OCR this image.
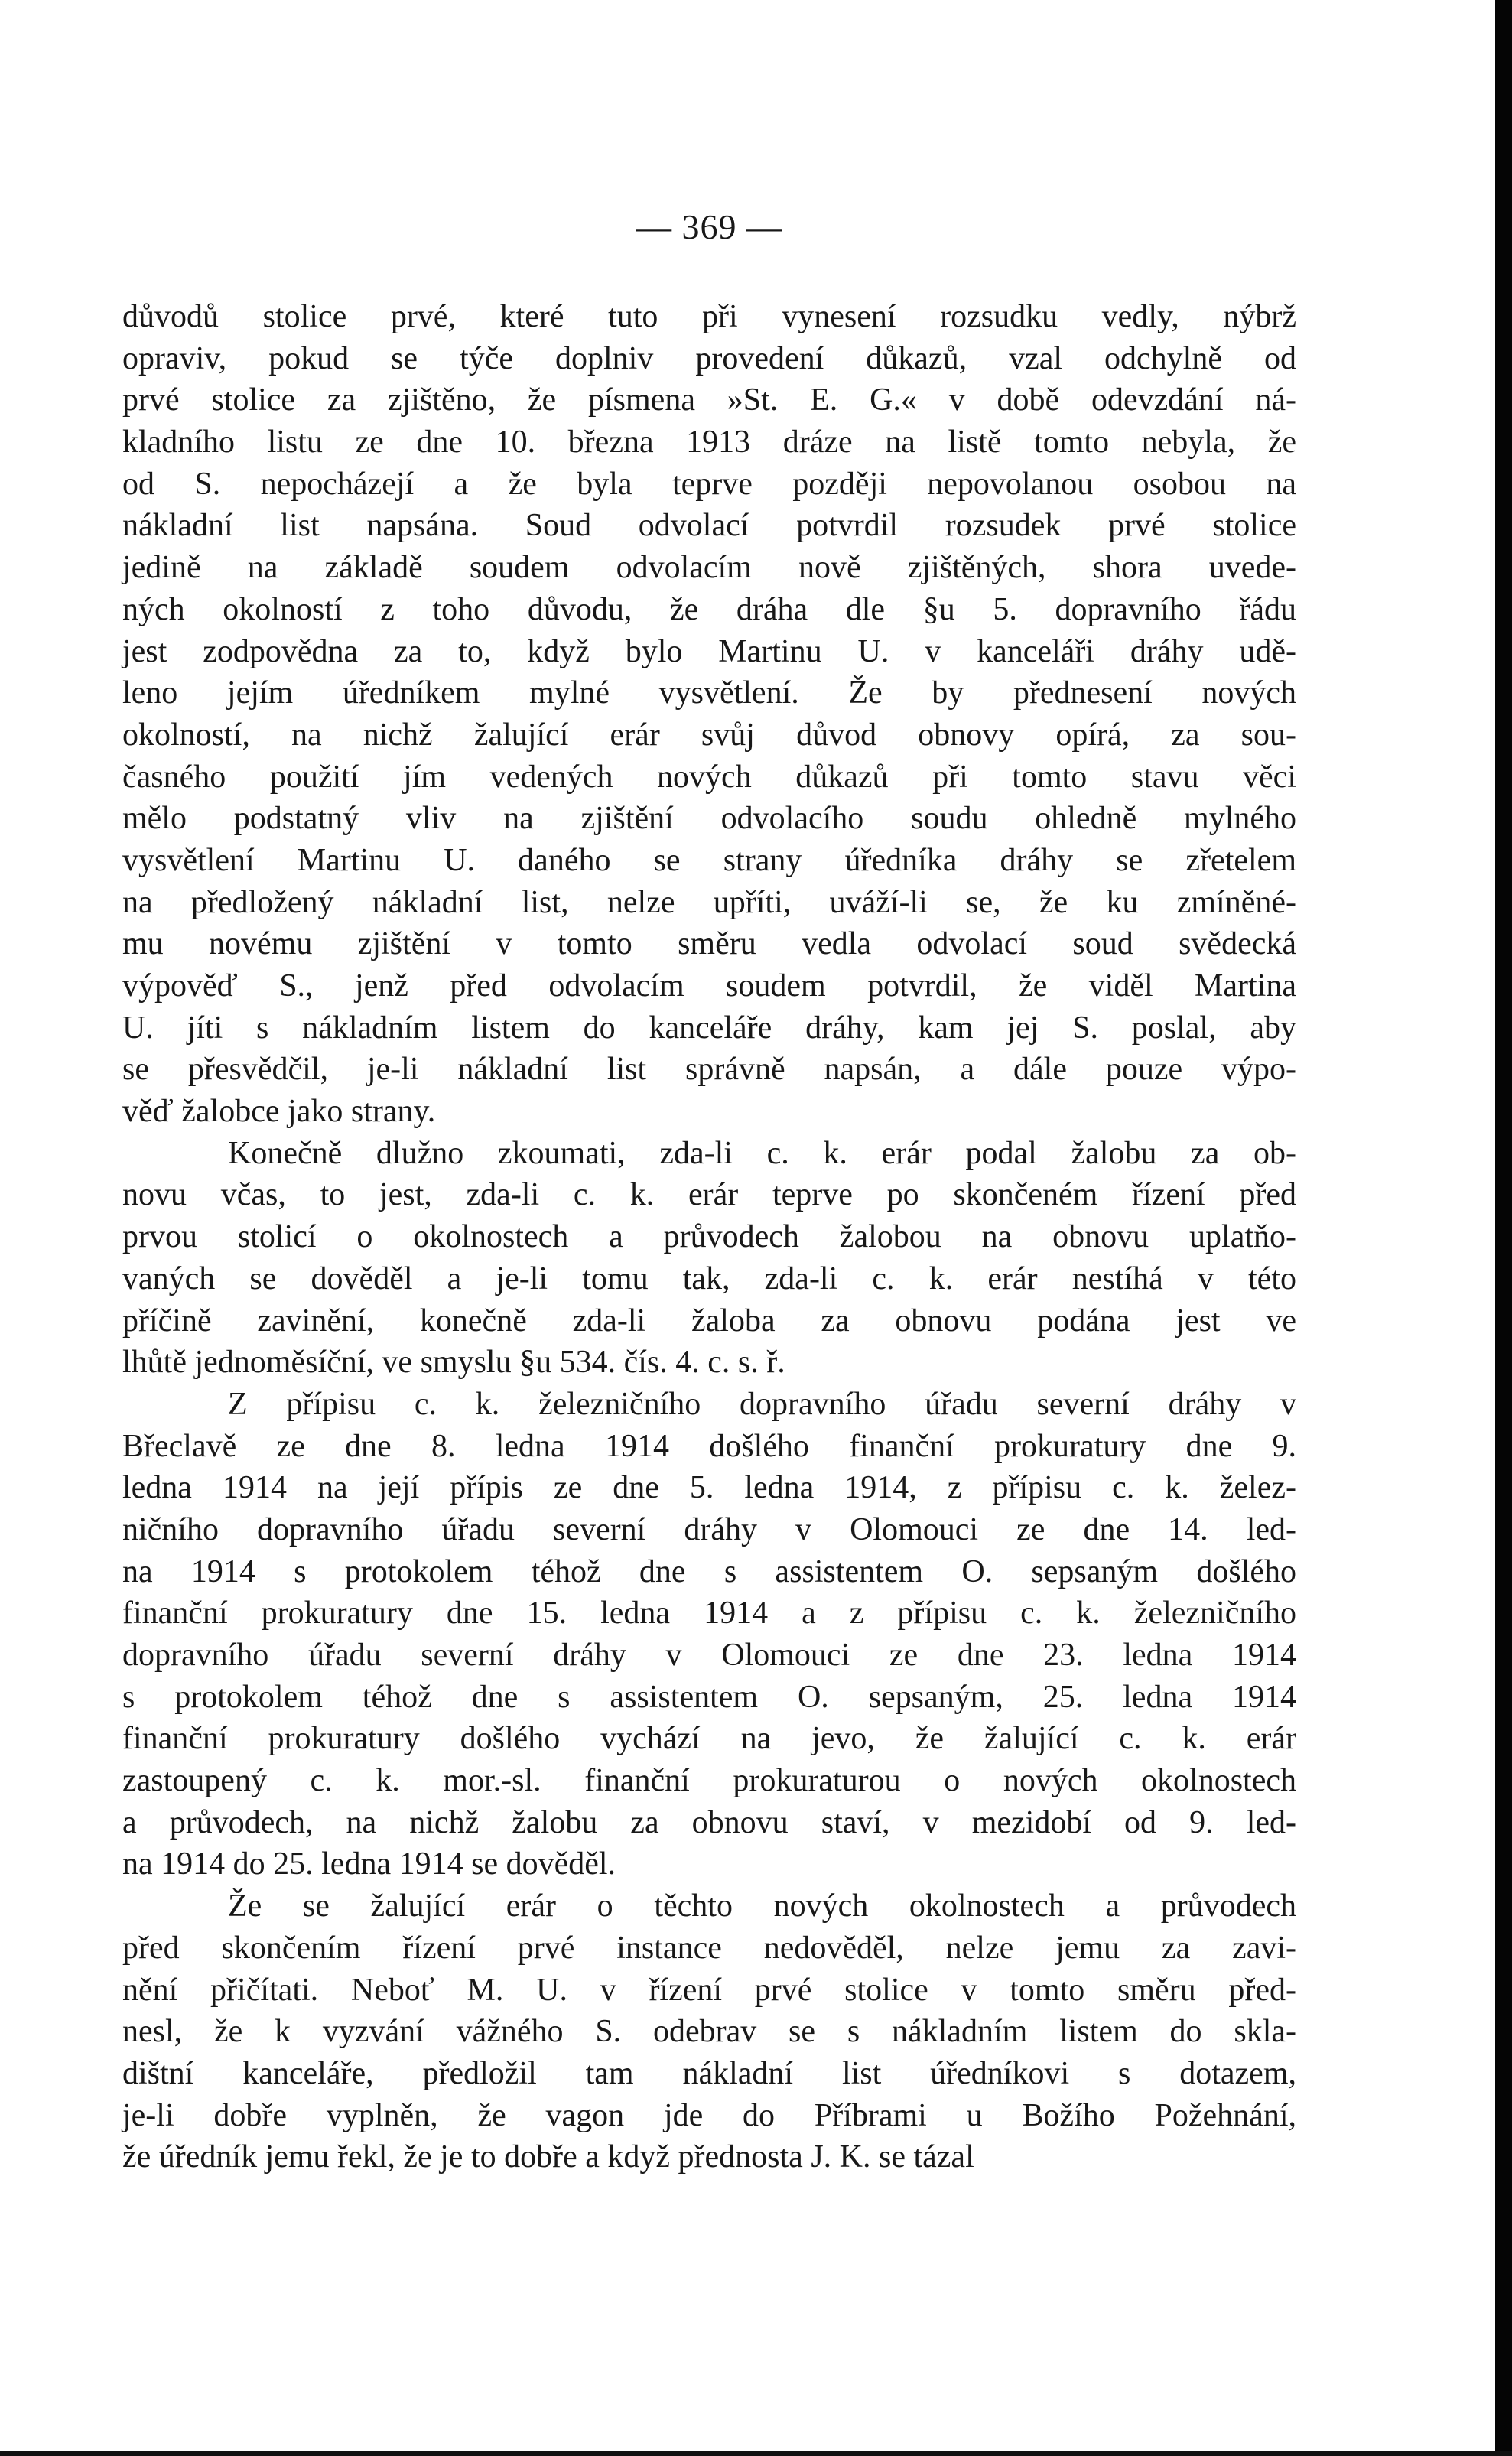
— 369 —
důvodů stolice prvé, které tuto při vynesení rozsudku vedly, nýbrž
opraviv, pokud se týče doplniv provedení důkazů, vzal odchylně od
prvé stolice za zjištěno, že písmena »St. E. G.« v době odevzdání ná-
kladního listu ze dne 10. března 1913 dráze na listě tomto nebyla, že
od S. nepocházejí a že byla teprve později nepovolanou osobou na
nákladní list napsána. Soud odvolací potvrdil rozsudek prvé stolice
jedině na základě soudem odvolacím nově zjištěných, shora uvede-
ných okolností z toho důvodu, že dráha dle §u 5. dopravního řádu
jest zodpovědna za to, když bylo Martinu U. v kanceláři dráhy udě-
leno jejím úředníkem mylné vysvětlení. Že by přednesení nových
okolností, na nichž žalující erár svůj důvod obnovy opírá, za sou-
časného použití jím vedených nových důkazů při tomto stavu věci
mělo podstatný vliv na zjištění odvolacího soudu ohledně mylného
vysvětlení Martinu U. daného se strany úředníka dráhy se zřetelem
na předložený nákladní list, nelze upříti, uváží-li se, že ku zmíněné-
mu novému zjištění v tomto směru vedla odvolací soud svědecká
výpověď S., jenž před odvolacím soudem potvrdil, že viděl Martina
U. jíti s nákladním listem do kanceláře dráhy, kam jej S. poslal, aby
se přesvědčil, je-li nákladní list správně napsán, a dále pouze výpo-
věď žalobce jako strany.
Konečně dlužno zkoumati, zda-li c. k. erár podal žalobu za ob-
novu včas, to jest, zda-li c. k. erár teprve po skončeném řízení před
prvou stolicí o okolnostech a průvodech žalobou na obnovu uplatňo-
vaných se dověděl a je-li tomu tak, zda-li c. k. erár nestíhá v této
příčině zavinění, konečně zda-li žaloba za obnovu podána jest ve
lhůtě jednoměsíční, ve smyslu §u 534. čís. 4. c. s. ř.
Z přípisu c. k. železničního dopravního úřadu severní dráhy v
Břeclavě ze dne 8. ledna 1914 došlého finanční prokuratury dne 9.
ledna 1914 na její přípis ze dne 5. ledna 1914, z přípisu c. k. želez-
ničního dopravního úřadu severní dráhy v Olomouci ze dne 14. led-
na 1914 s protokolem téhož dne s assistentem O. sepsaným došlého
finanční prokuratury dne 15. ledna 1914 a z přípisu c. k. železničního
dopravního úřadu severní dráhy v Olomouci ze dne 23. ledna 1914
s protokolem téhož dne s assistentem O. sepsaným, 25. ledna 1914
finanční prokuratury došlého vychází na jevo, že žalující c. k. erár
zastoupený c. k. mor.-sl. finanční prokuraturou o nových okolnostech
a průvodech, na nichž žalobu za obnovu staví, v mezidobí od 9. led-
na 1914 do 25. ledna 1914 se dověděl.
Že se žalující erár o těchto nových okolnostech a průvodech
před skončením řízení prvé instance nedověděl, nelze jemu za zavi-
nění přičítati. Neboť M. U. v řízení prvé stolice v tomto směru před-
nesl, že k vyzvání vážného S. odebrav se s nákladním listem do skla-
dištní kanceláře, předložil tam nákladní list úředníkovi s dotazem,
je-li dobře vyplněn, že vagon jde do Příbrami u Božího Požehnání,
že úředník jemu řekl, že je to dobře a když přednosta J. K. se tázal
